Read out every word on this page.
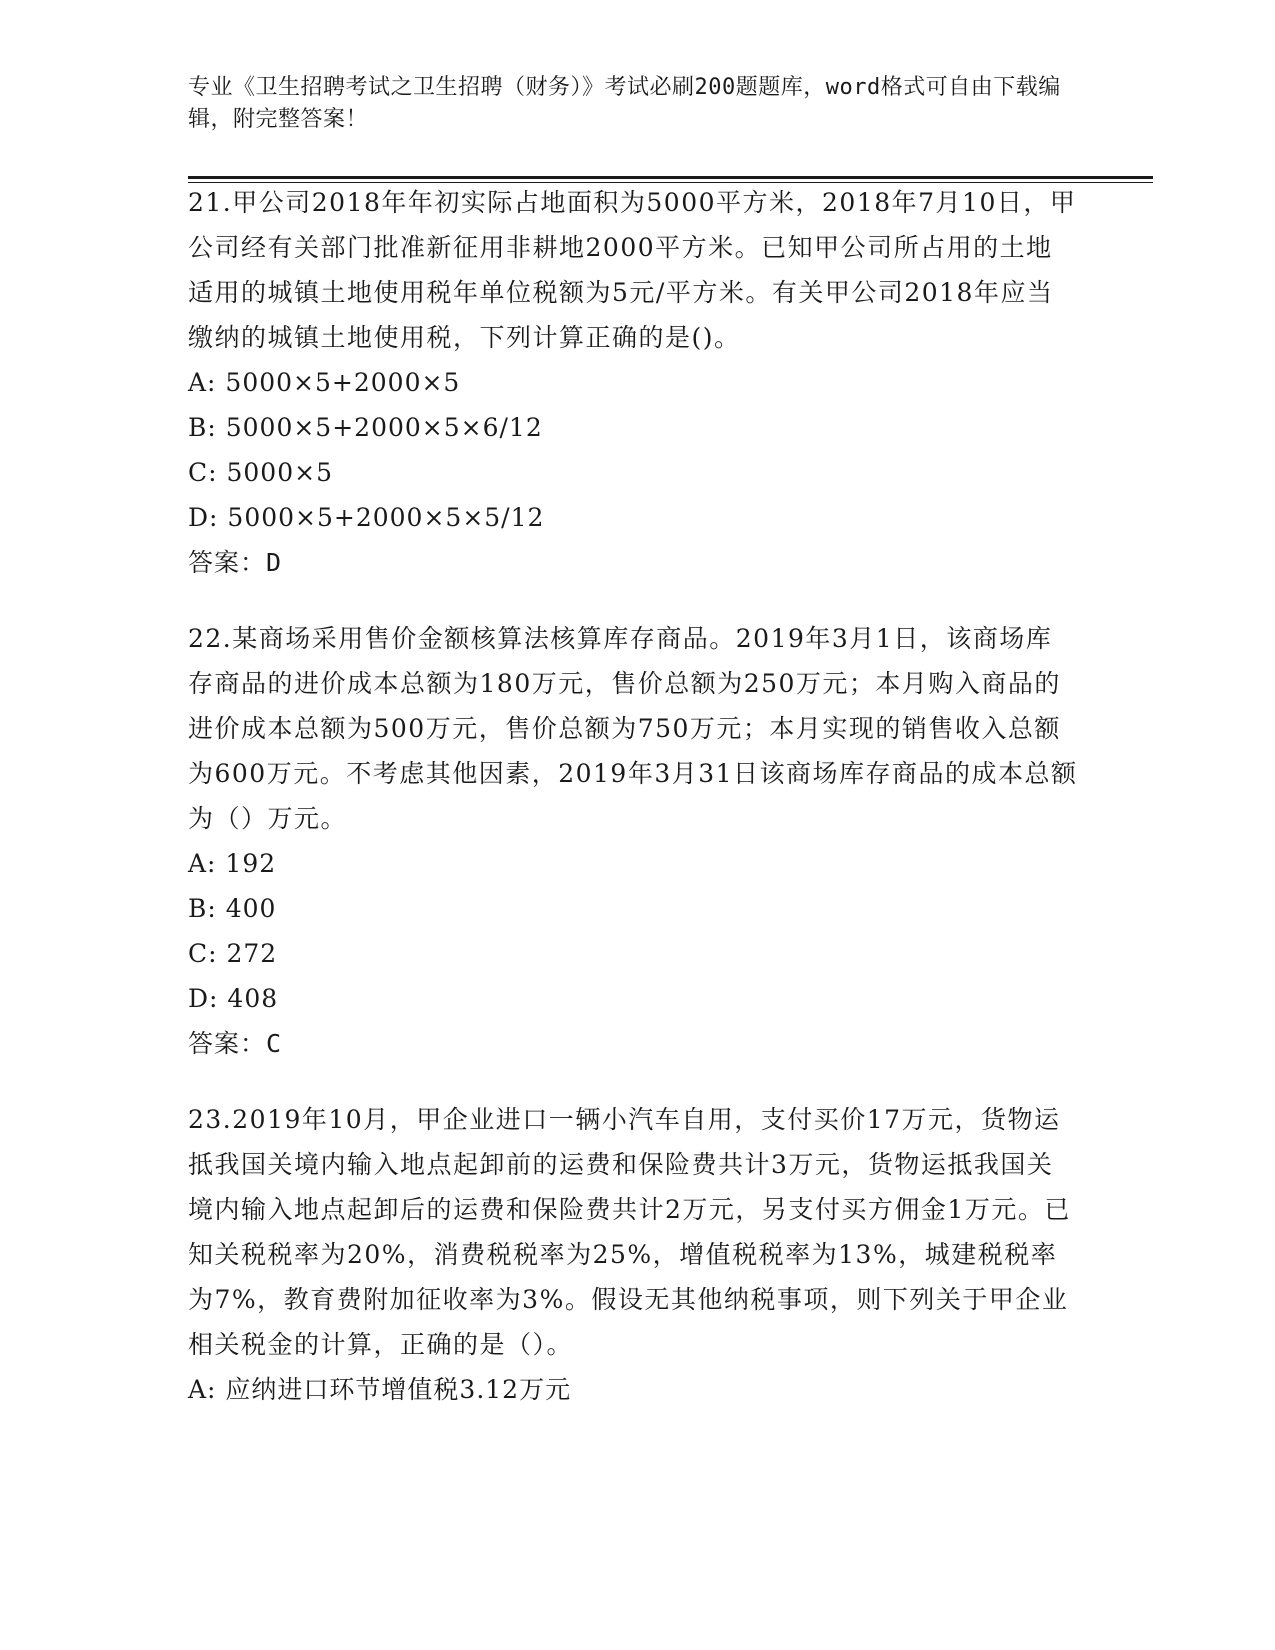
专业《卫生招聘考试之卫生招聘（财务）》考试必刷200题题库，word格式可自由下载编辑，附完整答案！

21.甲公司2018年年初实际占地面积为5000平方米，2018年7月10日，甲公司经有关部门批准新征用非耕地2000平方米。已知甲公司所占用的土地适用的城镇土地使用税年单位税额为5元/平方米。有关甲公司2018年应当缴纳的城镇土地使用税，下列计算正确的是()。

A: 5000×5+2000×5

B: 5000×5+2000×5×6/12

C: 5000×5

D: 5000×5+2000×5×5/12

答案：D

22.某商场采用售价金额核算法核算库存商品。2019年3月1日，该商场库存商品的进价成本总额为180万元，售价总额为250万元；本月购入商品的进价成本总额为500万元，售价总额为750万元；本月实现的销售收入总额为600万元。不考虑其他因素，2019年3月31日该商场库存商品的成本总额为（）万元。

A: 192

B: 400

C: 272

D: 408

答案：C

23.2019年10月，甲企业进口一辆小汽车自用，支付买价17万元，货物运抵我国关境内输入地点起卸前的运费和保险费共计3万元，货物运抵我国关境内输入地点起卸后的运费和保险费共计2万元，另支付买方佣金1万元。已知关税税率为20%，消费税税率为25%，增值税税率为13%，城建税税率为7%，教育费附加征收率为3%。假设无其他纳税事项，则下列关于甲企业相关税金的计算，正确的是（）。

A: 应纳进口环节增值税3.12万元
